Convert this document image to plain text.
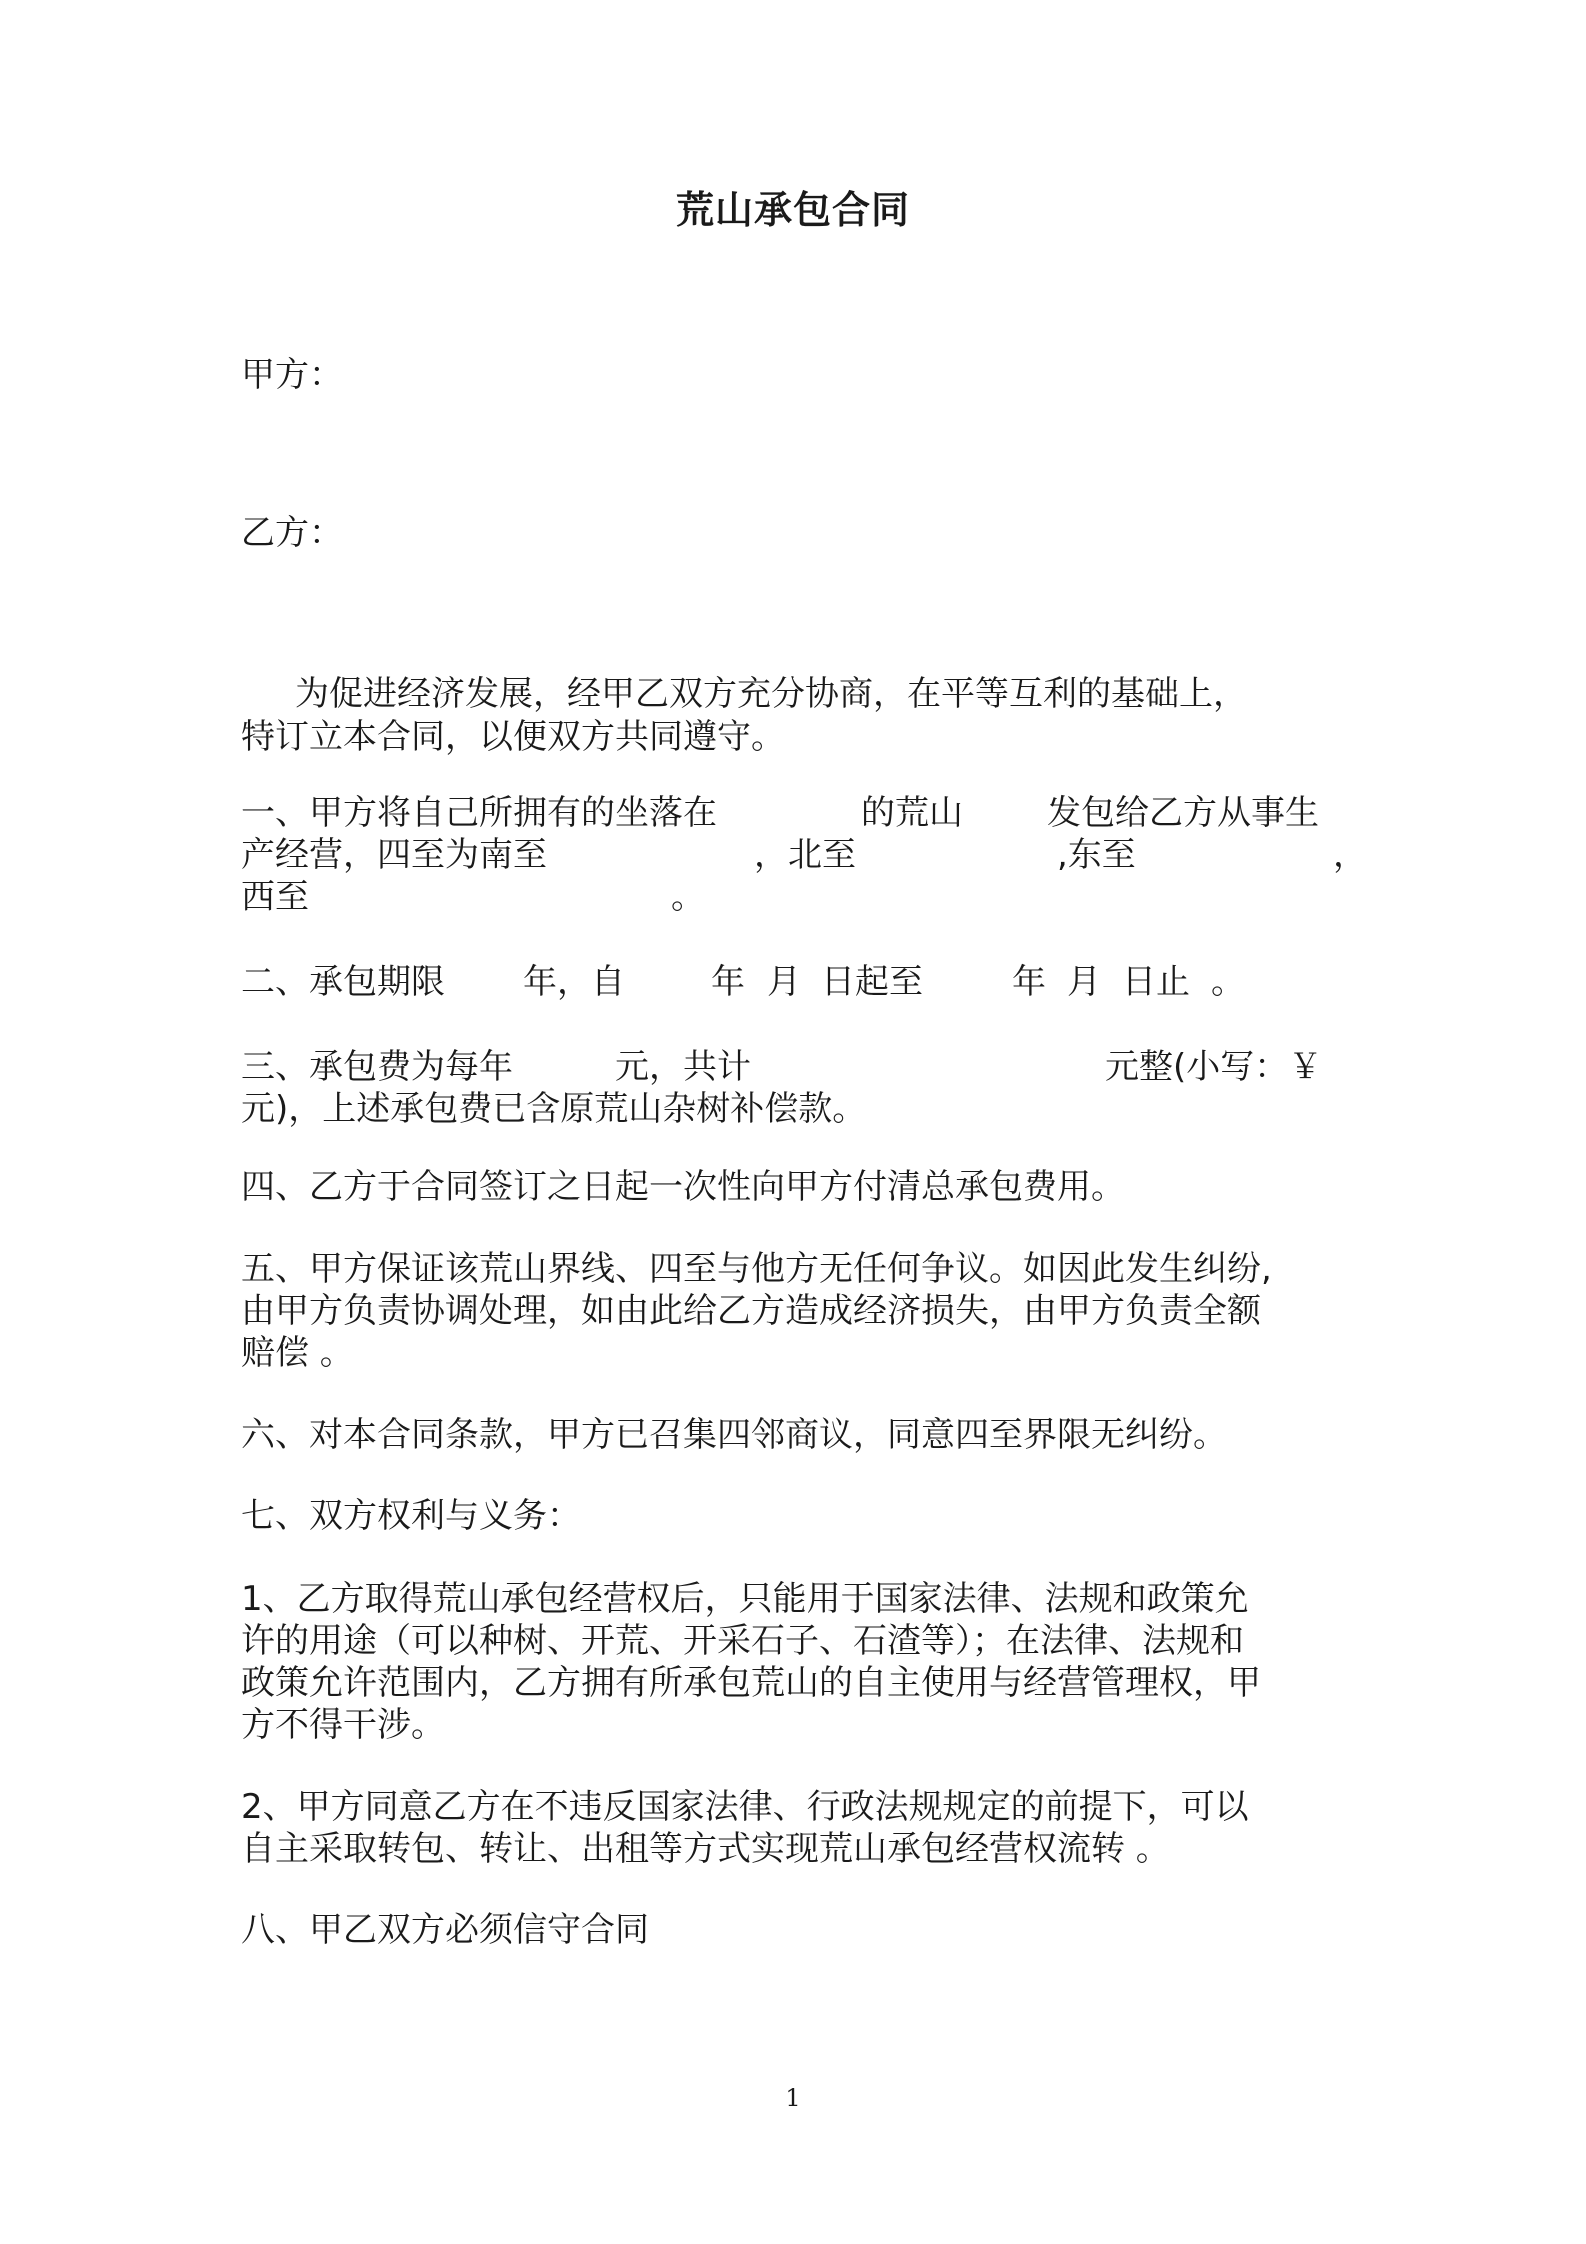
荒山承包合同
甲方：
乙方：
为促进经济发展，经甲乙双方充分协商，在平等互利的基础上，
特订立本合同，以便双方共同遵守。

一、甲方将自己所拥有的坐落在

	的荒山

发包给乙方从事生

产经营，四至为南至

	，北至

	,东至

	，

西至

	。

二、承包期限

年，自

	年

月

日起至

	年

月

日止

。

三、承包费为每年

	元，共计

	元整(小写：￥

元)，上述承包费已含原荒山杂树补偿款。
四、乙方于合同签订之日起一次性向甲方付清总承包费用。
五、甲方保证该荒山界线、四至与他方无任何争议。如因此发生纠纷,
由甲方负责协调处理，如由此给乙方造成经济损失，由甲方负责全额
赔偿 。
六、对本合同条款，甲方已召集四邻商议，同意四至界限无纠纷。
七、双方权利与义务：
1、乙方取得荒山承包经营权后，只能用于国家法律、法规和政策允
许的用途（可以种树、开荒、开采石子、石渣等）；在法律、法规和
政策允许范围内，乙方拥有所承包荒山的自主使用与经营管理权，甲
方不得干涉。
2、甲方同意乙方在不违反国家法律、行政法规规定的前提下，可以
自主采取转包、转让、出租等方式实现荒山承包经营权流转 。
八、甲乙双方必须信守合同
1
